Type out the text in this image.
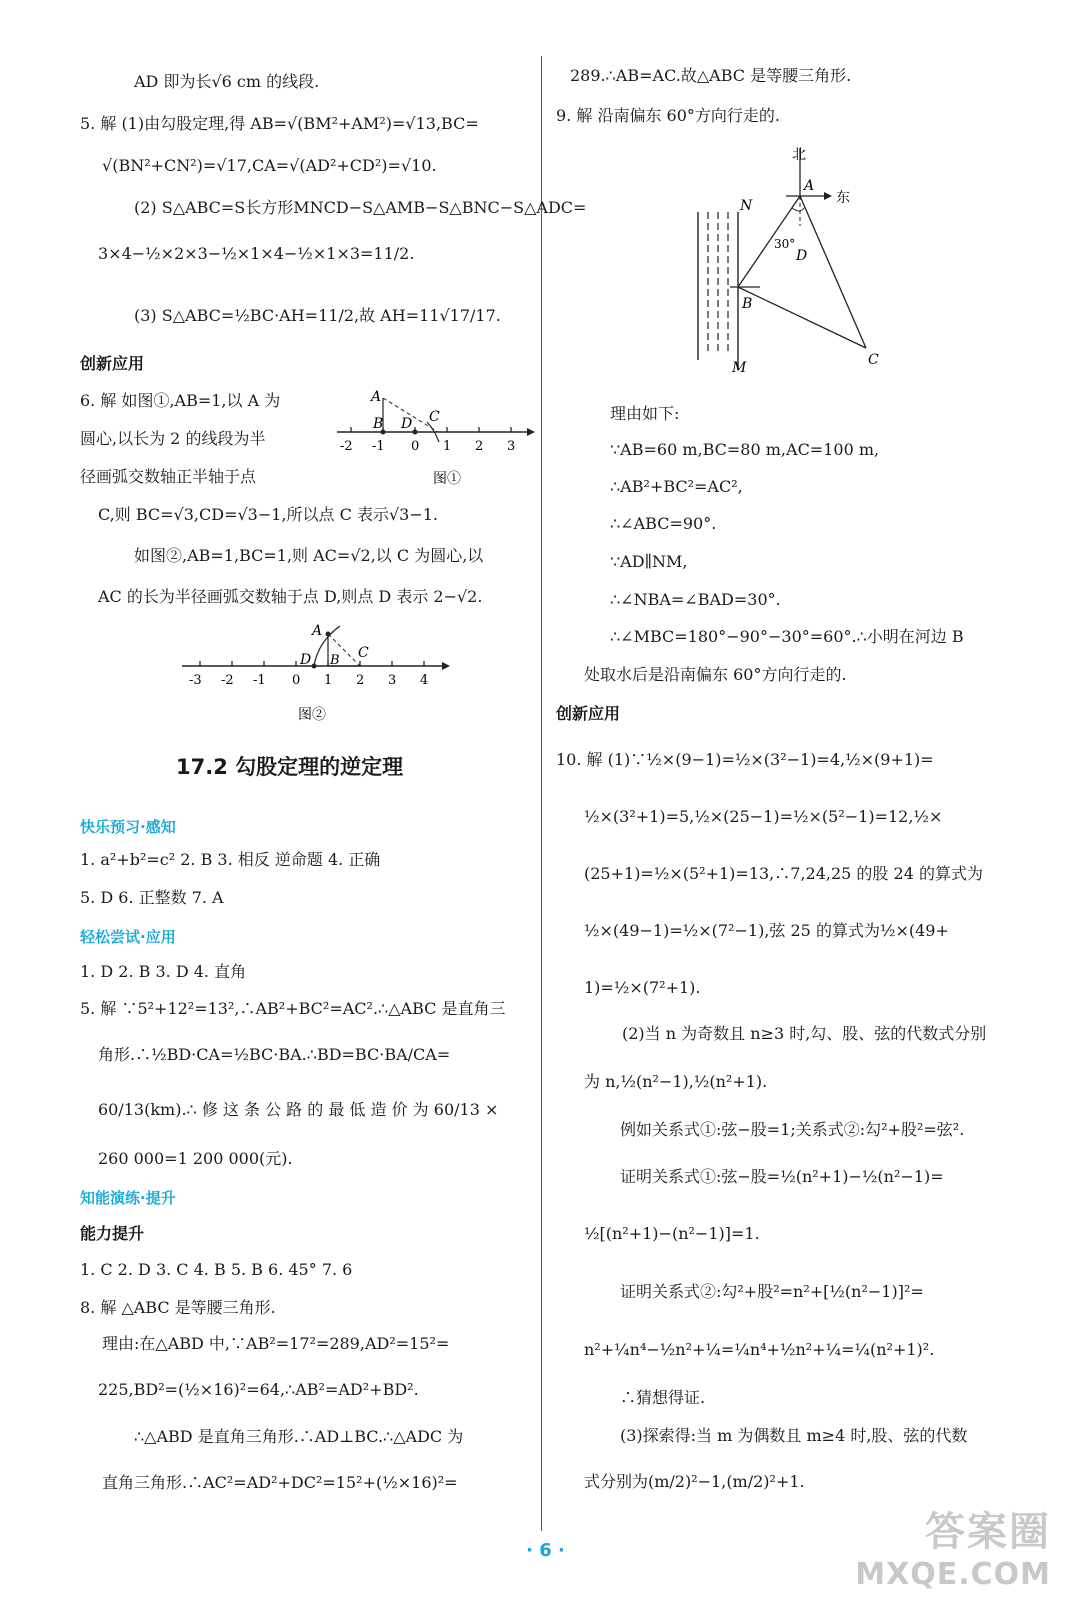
AD 即为长√6 cm 的线段.
5. 解 (1)由勾股定理,得 AB=√(BM²+AM²)=√13,BC=
√(BN²+CN²)=√17,CA=√(AD²+CD²)=√10.
(2) S△ABC=S长方形MNCD−S△AMB−S△BNC−S△ADC=
3×4−½×2×3−½×1×4−½×1×3=11/2.
(3) S△ABC=½BC·AH=11/2,故 AH=11√17/17.
创新应用
6. 解 如图①,AB=1,以 A 为
圆心,以长为 2 的线段为半
径画弧交数轴正半轴于点
C,则 BC=√3,CD=√3−1,所以点 C 表示√3−1.
如图②,AB=1,BC=1,则 AC=√2,以 C 为圆心,以
AC 的长为半径画弧交数轴于点 D,则点 D 表示 2−√2.
A
B D C
-2 -1 0 1 2 3
图①
A
D B C
-3 -2 -1 0 1 2 3 4
图②
17.2 勾股定理的逆定理
快乐预习·感知
1. a²+b²=c² 2. B 3. 相反 逆命题 4. 正确
5. D 6. 正整数 7. A
轻松尝试·应用
1. D 2. B 3. D 4. 直角
5. 解 ∵5²+12²=13²,∴AB²+BC²=AC².∴△ABC 是直角三
角形.∴½BD·CA=½BC·BA.∴BD=BC·BA/CA=
60/13(km).∴ 修 这 条 公 路 的 最 低 造 价 为 60/13 ×
260 000=1 200 000(元).
知能演练·提升
能力提升
1. C 2. D 3. C 4. B 5. B 6. 45° 7. 6
8. 解 △ABC 是等腰三角形.
理由:在△ABD 中,∵AB²=17²=289,AD²=15²=
225,BD²=(½×16)²=64,∴AB²=AD²+BD².
∴△ABD 是直角三角形.∴AD⊥BC.∴△ADC 为
直角三角形.∴AC²=AD²+DC²=15²+(½×16)²=
289.∴AB=AC.故△ABC 是等腰三角形.
9. 解 沿南偏东 60°方向行走的.
北
东
A
30°
D
N
B
M	C
理由如下:
∵AB=60 m,BC=80 m,AC=100 m,
∴AB²+BC²=AC²,
∴∠ABC=90°.
∵AD∥NM,
∴∠NBA=∠BAD=30°.
∴∠MBC=180°−90°−30°=60°.∴小明在河边 B
处取水后是沿南偏东 60°方向行走的.
创新应用
10. 解 (1)∵½×(9−1)=½×(3²−1)=4,½×(9+1)=
½×(3²+1)=5,½×(25−1)=½×(5²−1)=12,½×
(25+1)=½×(5²+1)=13,∴7,24,25 的股 24 的算式为
½×(49−1)=½×(7²−1),弦 25 的算式为½×(49+
1)=½×(7²+1).
(2)当 n 为奇数且 n≥3 时,勾、股、弦的代数式分别
为 n,½(n²−1),½(n²+1).
例如关系式①:弦−股=1;关系式②:勾²+股²=弦².
证明关系式①:弦−股=½(n²+1)−½(n²−1)=
½[(n²+1)−(n²−1)]=1.
证明关系式②:勾²+股²=n²+[½(n²−1)]²=
n²+¼n⁴−½n²+¼=¼n⁴+½n²+¼=¼(n²+1)².
∴猜想得证.
(3)探索得:当 m 为偶数且 m≥4 时,股、弦的代数
式分别为(m/2)²−1,(m/2)²+1.
· 6 ·	答案圈
MXQE.COM
